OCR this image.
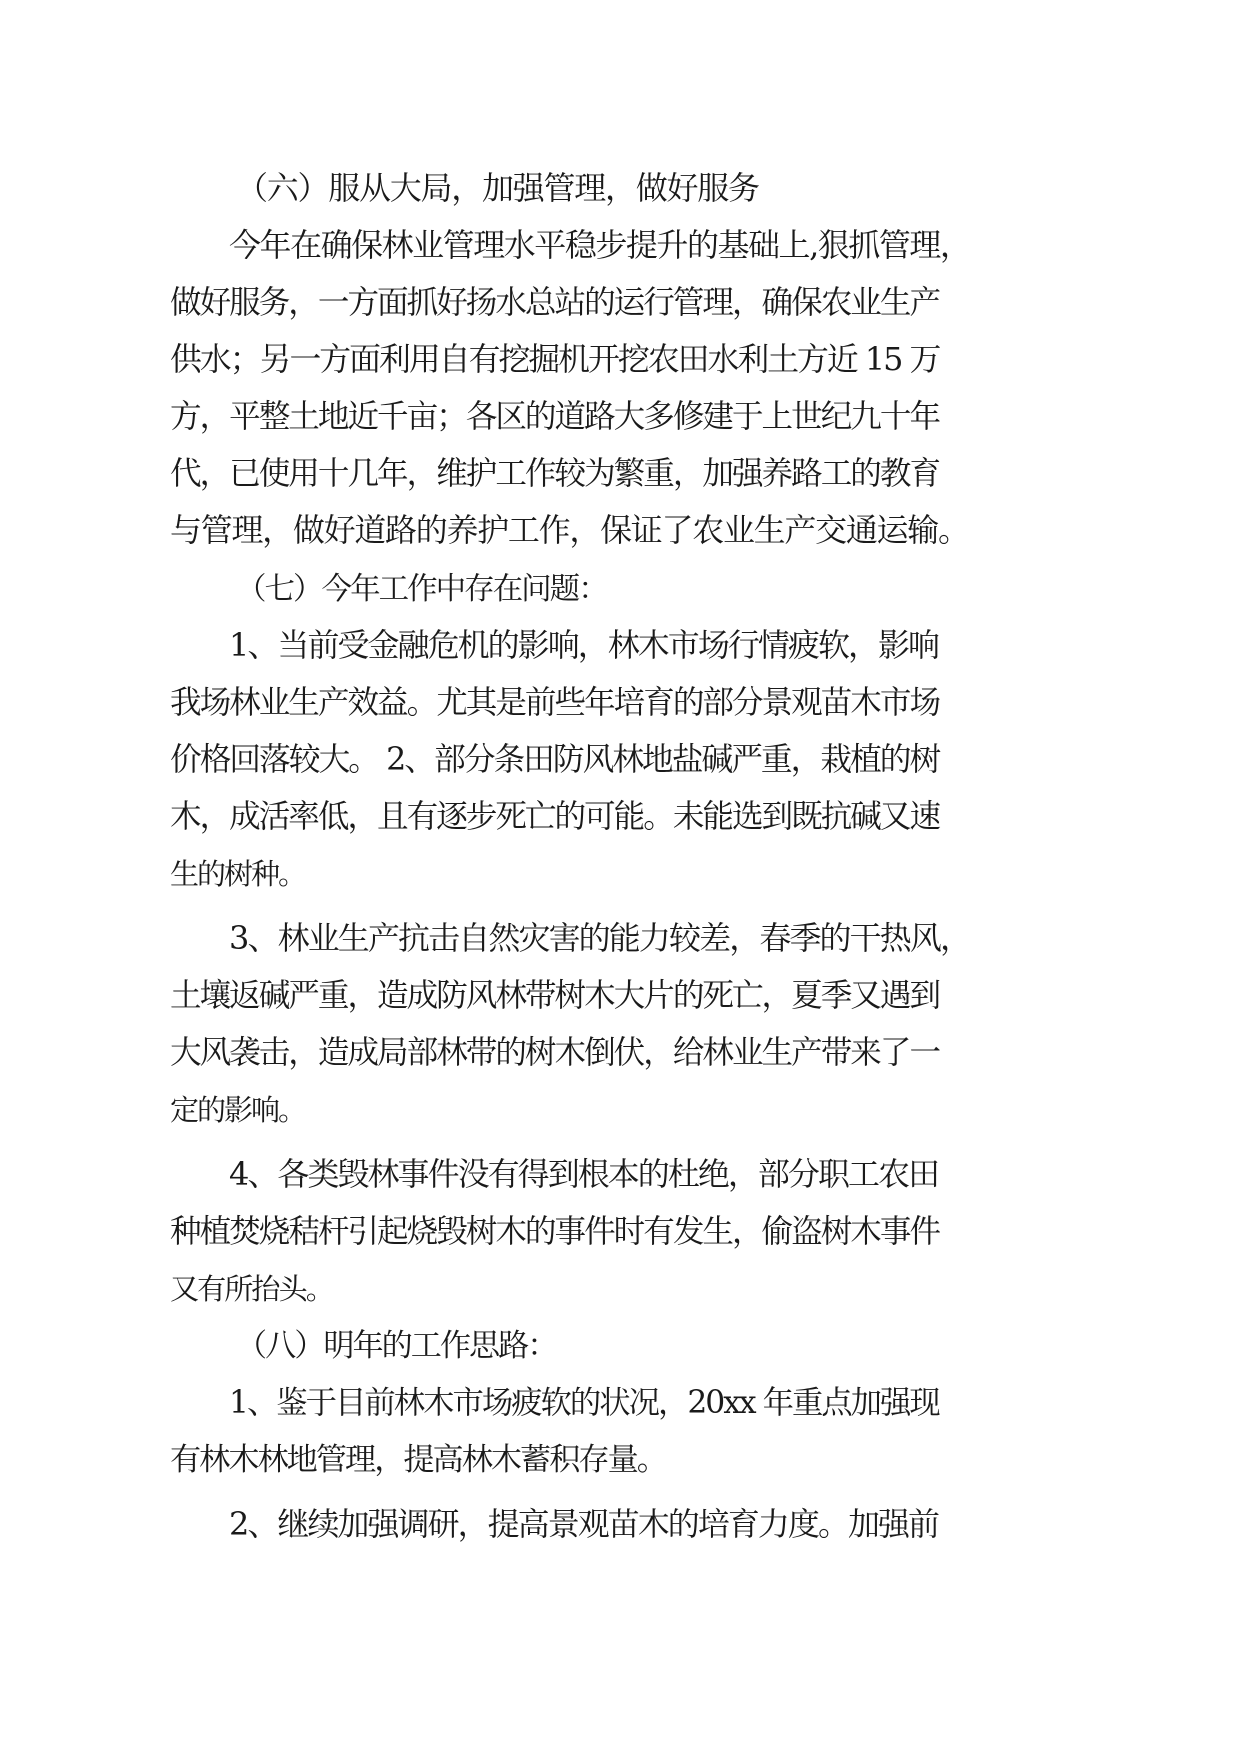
（六）服从大局，加强管理，做好服务
今年在确保林业管理水平稳步提升的基础上,狠抓管理，
做好服务，一方面抓好扬水总站的运行管理，确保农业生产
供水；另一方面利用自有挖掘机开挖农田水利土方近 15 万
方，平整土地近千亩；各区的道路大多修建于上世纪九十年
代，已使用十几年，维护工作较为繁重，加强养路工的教育
与管理，做好道路的养护工作，保证了农业生产交通运输。
（七）今年工作中存在问题：
1、当前受金融危机的影响，林木市场行情疲软，影响
我场林业生产效益。尤其是前些年培育的部分景观苗木市场
价格回落较大。 2、部分条田防风林地盐碱严重，栽植的树
木，成活率低，且有逐步死亡的可能。未能选到既抗碱又速
生的树种。
3、林业生产抗击自然灾害的能力较差，春季的干热风，
土壤返碱严重，造成防风林带树木大片的死亡，夏季又遇到
大风袭击，造成局部林带的树木倒伏，给林业生产带来了一
定的影响。
4、各类毁林事件没有得到根本的杜绝，部分职工农田
种植焚烧秸杆引起烧毁树木的事件时有发生，偷盗树木事件
又有所抬头。
（八）明年的工作思路：
1、鉴于目前林木市场疲软的状况，20xx 年重点加强现
有林木林地管理，提高林木蓄积存量。
2、继续加强调研，提高景观苗木的培育力度。加强前
